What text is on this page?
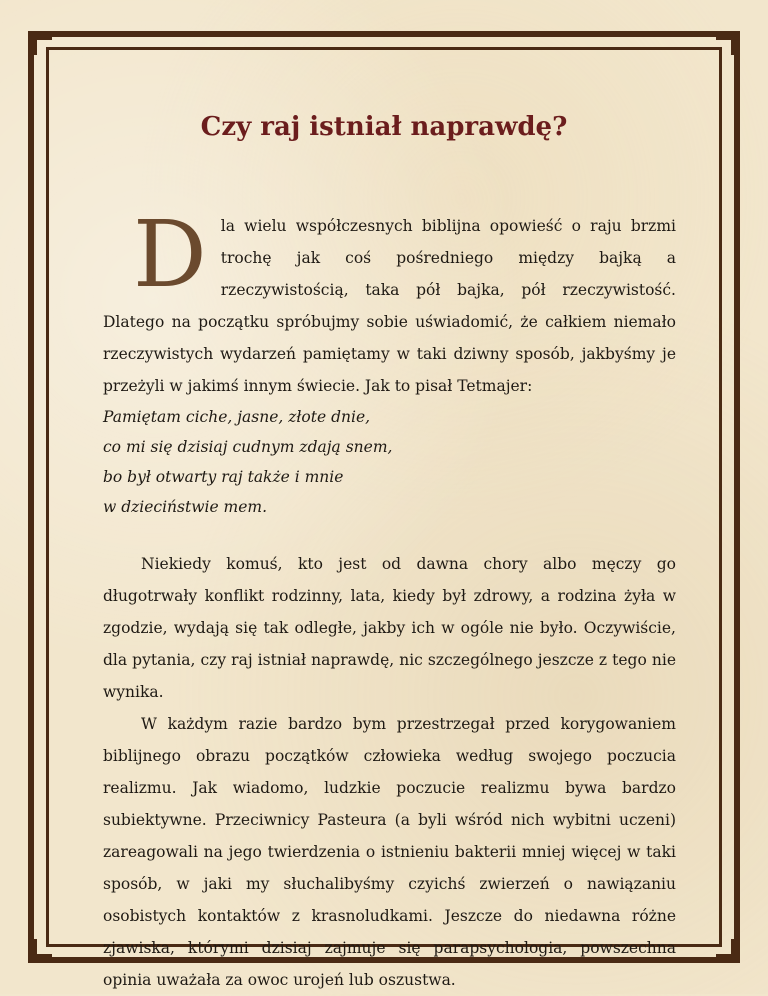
Czy raj istniał naprawdę?

Dla wielu współczesnych biblijna opowieść o raju brzmi trochę jak coś pośredniego między bajką a rzeczywistością, taka pół bajka, pół rzeczywistość. Dlatego na początku spróbujmy sobie uświadomić, że całkiem niemało rzeczywistych wydarzeń pamiętamy w taki dziwny sposób, jakbyśmy je przeżyli w jakimś innym świecie. Jak to pisał Tetmajer:

Pamiętam ciche, jasne, złote dnie,
co mi się dzisiaj cudnym zdają snem,
bo był otwarty raj także i mnie
w dzieciństwie mem.

Niekiedy komuś, kto jest od dawna chory albo męczy go długotrwały konflikt rodzinny, lata, kiedy był zdrowy, a rodzina żyła w zgodzie, wydają się tak odległe, jakby ich w ogóle nie było. Oczywiście, dla pytania, czy raj istniał naprawdę, nic szczególnego jeszcze z tego nie wynika.

W każdym razie bardzo bym przestrzegał przed korygowaniem biblijnego obrazu początków człowieka według swojego poczucia realizmu. Jak wiadomo, ludzkie poczucie realizmu bywa bardzo subiektywne. Przeciwnicy Pasteura (a byli wśród nich wybitni uczeni) zareagowali na jego twierdzenia o istnieniu bakterii mniej więcej w taki sposób, w jaki my słuchalibyśmy czyichś zwierzeń o nawiązaniu osobistych kontaktów z krasnoludkami. Jeszcze do niedawna różne zjawiska, którymi dzisiaj zajmuje się parapsychologia, powszechna opinia uważała za owoc urojeń lub oszustwa.
